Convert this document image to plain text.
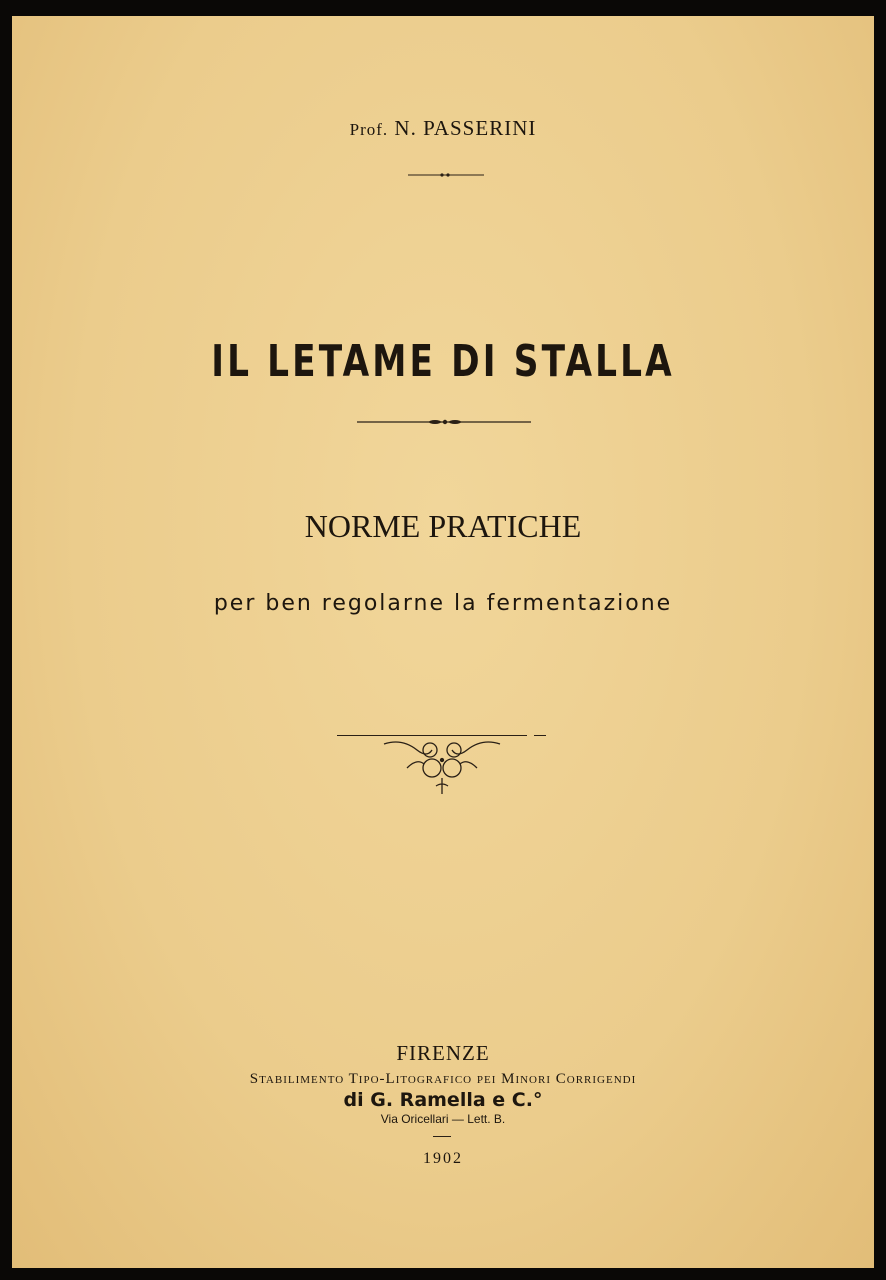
Prof. N. PASSERINI
IL LETAME DI STALLA
NORME PRATICHE
per ben regolarne la fermentazione
FIRENZE
Stabilimento Tipo-Litografico pei Minori Corrigendi
di G. Ramella e C.°
Via Oricellari — Lett. B.
1902
